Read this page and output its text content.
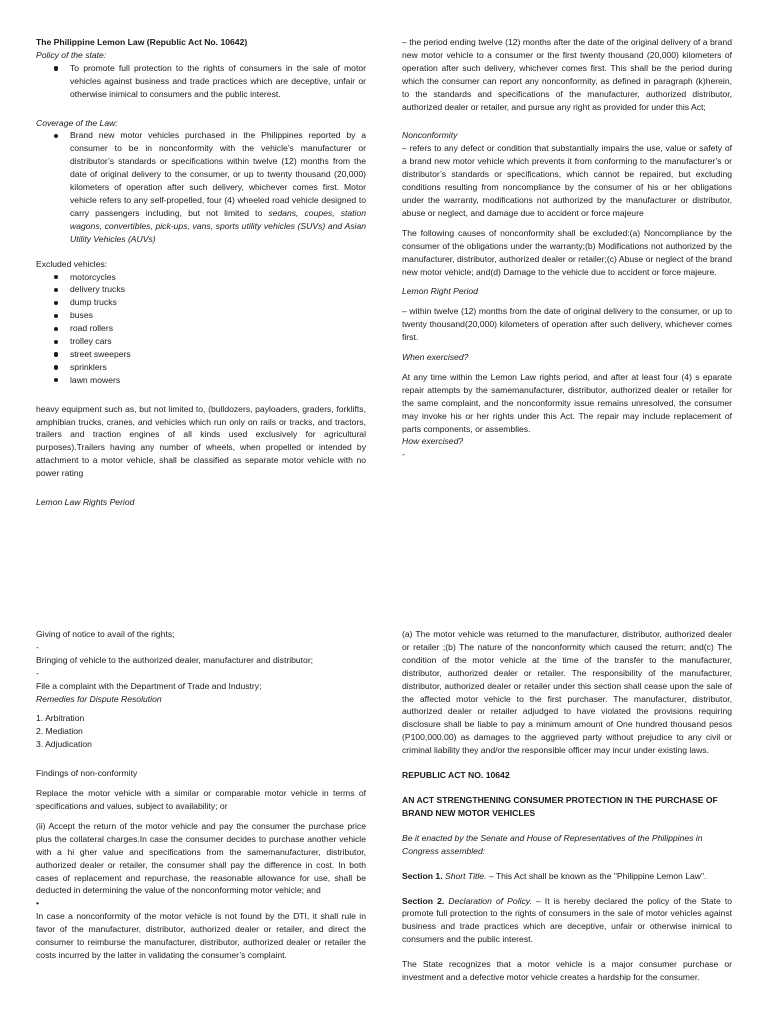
The Philippine Lemon Law (Republic Act No. 10642)

Policy of the state:

To promote full protection to the rights of consumers in the sale of motor vehicles against business and trade practices which are deceptive, unfair or otherwise inimical to consumers and the public interest.

Coverage of the Law:

Brand new motor vehicles purchased in the Philippines reported by a consumer to be in nonconformity with the vehicle’s manufacturer or distributor’s standards or specifications within twelve (12) months from the date of original delivery to the consumer, or up to twenty thousand (20,000) kilometers of operation after such delivery, whichever comes first. Motor vehicle refers to any self-propelled, four (4) wheeled road vehicle designed to carry passengers including, but not limited to sedans, coupes, station wagons, convertibles, pick-ups, vans, sports utility vehicles (SUVs) and Asian Utility Vehicles (AUVs)

Excluded vehicles:

motorcycles
delivery trucks
dump trucks
buses
road rollers
trolley cars
street sweepers
sprinklers
lawn mowers

heavy equipment such as, but not limited to, (bulldozers, payloaders, graders, forklifts, amphibian trucks, cranes, and vehicles which run only on rails or tracks, and tractors, trailers and traction engines of all kinds used exclusively for agricultural purposes).Trailers having any number of wheels, when propelled or intended by attachment to a motor vehicle, shall be classified as separate motor vehicle with no power rating

Lemon Law Rights Period

– the period ending twelve (12) months after the date of the original delivery of a brand new motor vehicle to a consumer or the first twenty thousand (20,000) kilometers of operation after such delivery, whichever comes first. This shall be the period during which the consumer can report any nonconformity, as defined in paragraph (k)herein, to the standards and specifications of the manufacturer, authorized distributor, authorized dealer or retailer, and pursue any right as provided for under this Act;

Nonconformity

– refers to any defect or condition that substantially impairs the use, value or safety of a brand new motor vehicle which prevents it from conforming to the manufacturer’s or distributor’s standards or specifications, which cannot be repaired, but excluding conditions resulting from noncompliance by the consumer of his or her obligations under the warranty, modifications not authorized by the manufacturer or distributor, abuse or neglect, and damage due to accident or force majeure

The following causes of nonconformity shall be excluded:(a) Noncompliance by the consumer of the obligations under the warranty;(b) Modifications not authorized by the manufacturer, distributor, authorized dealer or retailer;(c) Abuse or neglect of the brand new motor vehicle; and(d) Damage to the vehicle due to accident or force majeure.

Lemon Right Period

– within twelve (12) months from the date of original delivery to the consumer, or up to twenty thousand(20,000) kilometers of operation after such delivery, whichever comes first.

When exercised?

At any time within the Lemon Law rights period, and after at least four (4) s eparate repair attempts by the samemanufacturer, distributor, authorized dealer or retailer for the same complaint, and the nonconformity issue remains unresolved, the consumer may invoke his or her rights under this Act. The repair may include replacement of parts components, or assemblies.

How exercised?

-

Giving of notice to avail of the rights;

-

Bringing of vehicle to the authorized dealer, manufacturer and distributor;

-

File a complaint with the Department of Trade and Industry;

Remedies for Dispute Resolution

1. Arbitration

2. Mediation

3. Adjudication

Findings of non-conformity

Replace the motor vehicle with a similar or comparable motor vehicle in terms of specifications and values, subject to availability; or

(ii) Accept the return of the motor vehicle and pay the consumer the purchase price plus the collateral charges.In case the consumer decides to purchase another vehicle with a hi gher value and specifications from the samemanufacturer, distributor, authorized dealer or retailer, the consumer shall pay the difference in cost. In both cases of replacement and repurchase, the reasonable allowance for use, shall be deducted in determining the value of the nonconforming motor vehicle; and

•

In case a nonconformity of the motor vehicle is not found by the DTI, it shall rule in favor of the manufacturer, distributor, authorized dealer or retailer, and direct the consumer to reimburse the manufacturer, distributor, authorized dealer or retailer the costs incurred by the latter in validating the consumer’s complaint.

(a) The motor vehicle was returned to the manufacturer, distributor, authorized dealer or retailer ;(b) The nature of the nonconformity which caused the return; and(c) The condition of the motor vehicle at the time of the transfer to the manufacturer, distributor, authorized dealer or retailer. The responsibility of the manufacturer, distributor, authorized dealer or retailer under this section shall cease upon the sale of the affected motor vehicle to the first purchaser. The manufacturer, distributor, authorized dealer or retailer adjudged to have violated the provisions requiring disclosure shall be liable to pay a minimum amount of One hundred thousand pesos (P100,000.00) as damages to the aggrieved party without prejudice to any civil or criminal liability they and/or the responsible officer may incur under existing laws.

REPUBLIC ACT NO. 10642

AN ACT STRENGTHENING CONSUMER PROTECTION IN THE PURCHASE OF BRAND NEW MOTOR VEHICLES

Be it enacted by the Senate and House of Representatives of the Philippines in Congress assembled:

Section 1. Short Title. – This Act shall be known as the "Philippine Lemon Law".

Section 2. Declaration of Policy. – It is hereby declared the policy of the State to promote full protection to the rights of consumers in the sale of motor vehicles against business and trade practices which are deceptive, unfair or otherwise inimical to consumers and the public interest.

The State recognizes that a motor vehicle is a major consumer purchase or investment and a defective motor vehicle creates a hardship for the consumer.
